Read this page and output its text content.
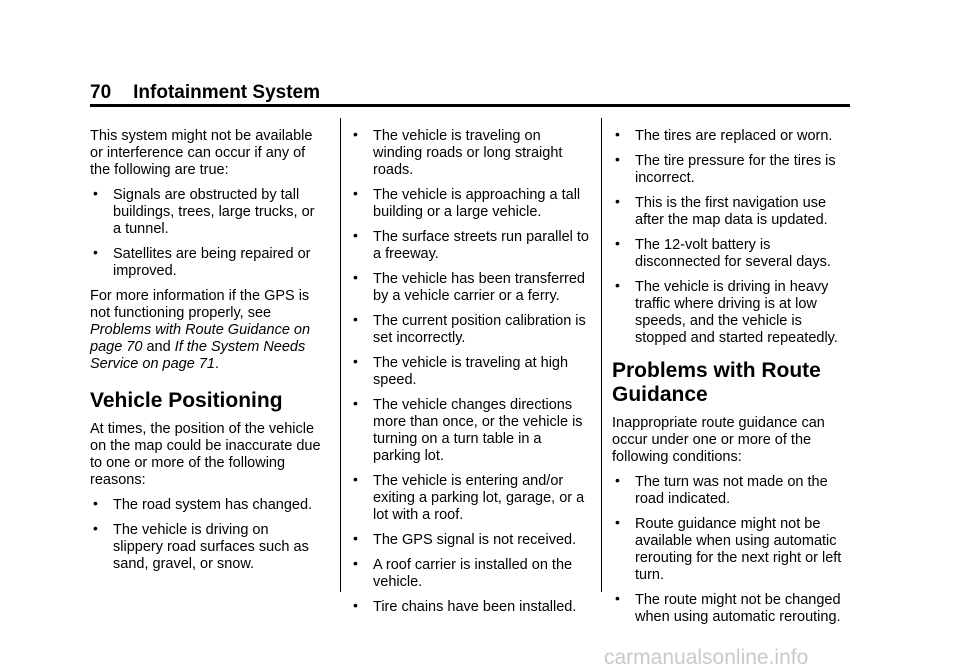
70 Infotainment System

This system might not be available or interference can occur if any of the following are true:

• Signals are obstructed by tall buildings, trees, large trucks, or a tunnel.
• Satellites are being repaired or improved.

For more information if the GPS is not functioning properly, see Problems with Route Guidance on page 70 and If the System Needs Service on page 71.

Vehicle Positioning

At times, the position of the vehicle on the map could be inaccurate due to one or more of the following reasons:

• The road system has changed.
• The vehicle is driving on slippery road surfaces such as sand, gravel, or snow.
• The vehicle is traveling on winding roads or long straight roads.
• The vehicle is approaching a tall building or a large vehicle.
• The surface streets run parallel to a freeway.
• The vehicle has been transferred by a vehicle carrier or a ferry.
• The current position calibration is set incorrectly.
• The vehicle is traveling at high speed.
• The vehicle changes directions more than once, or the vehicle is turning on a turn table in a parking lot.
• The vehicle is entering and/or exiting a parking lot, garage, or a lot with a roof.
• The GPS signal is not received.
• A roof carrier is installed on the vehicle.
• Tire chains have been installed.
• The tires are replaced or worn.
• The tire pressure for the tires is incorrect.
• This is the first navigation use after the map data is updated.
• The 12-volt battery is disconnected for several days.
• The vehicle is driving in heavy traffic where driving is at low speeds, and the vehicle is stopped and started repeatedly.
Problems with Route Guidance

Inappropriate route guidance can occur under one or more of the following conditions:

• The turn was not made on the road indicated.
• Route guidance might not be available when using automatic rerouting for the next right or left turn.
• The route might not be changed when using automatic rerouting.
carmanualsonline.info
